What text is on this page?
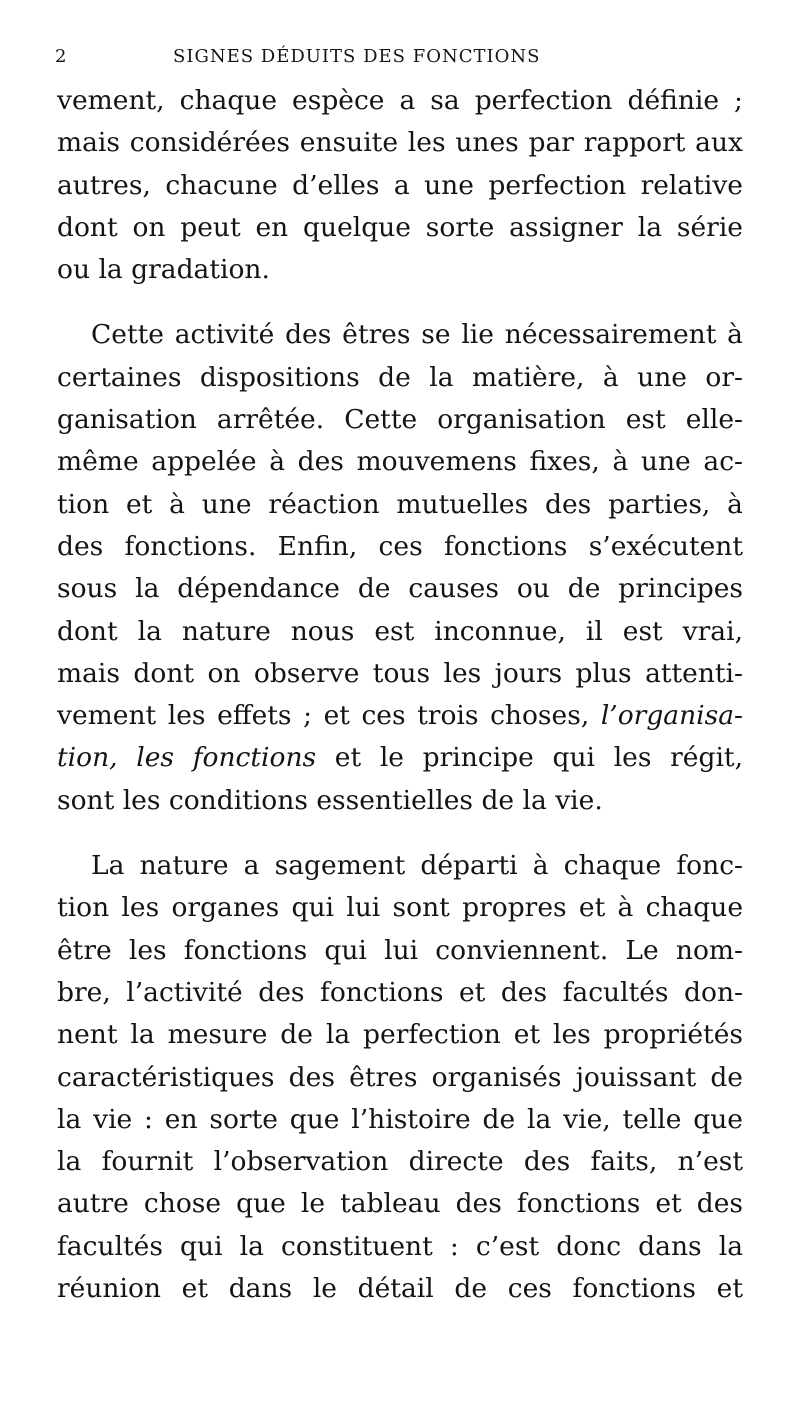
2	SIGNES DÉDUITS DES FONCTIONS
vement, chaque espèce a sa perfection définie ;
mais considérées ensuite les unes par rapport aux
autres, chacune d’elles a une perfection relative
dont on peut en quelque sorte assigner la série
ou la gradation.
Cette activité des êtres se lie nécessairement à
certaines dispositions de la matière, à une or-
ganisation arrêtée. Cette organisation est elle-
même appelée à des mouvemens fixes, à une ac-
tion et à une réaction mutuelles des parties, à
des fonctions. Enfin, ces fonctions s’exécutent
sous la dépendance de causes ou de principes
dont la nature nous est inconnue, il est vrai,
mais dont on observe tous les jours plus attenti-
vement les effets ; et ces trois choses, l’organisa-
tion, les fonctions et le principe qui les régit,
sont les conditions essentielles de la vie.
La nature a sagement départi à chaque fonc-
tion les organes qui lui sont propres et à chaque
être les fonctions qui lui conviennent. Le nom-
bre, l’activité des fonctions et des facultés don-
nent la mesure de la perfection et les propriétés
caractéristiques des êtres organisés jouissant de
la vie : en sorte que l’histoire de la vie, telle que
la fournit l’observation directe des faits, n’est
autre chose que le tableau des fonctions et des
facultés qui la constituent : c’est donc dans la
réunion et dans le détail de ces fonctions et
